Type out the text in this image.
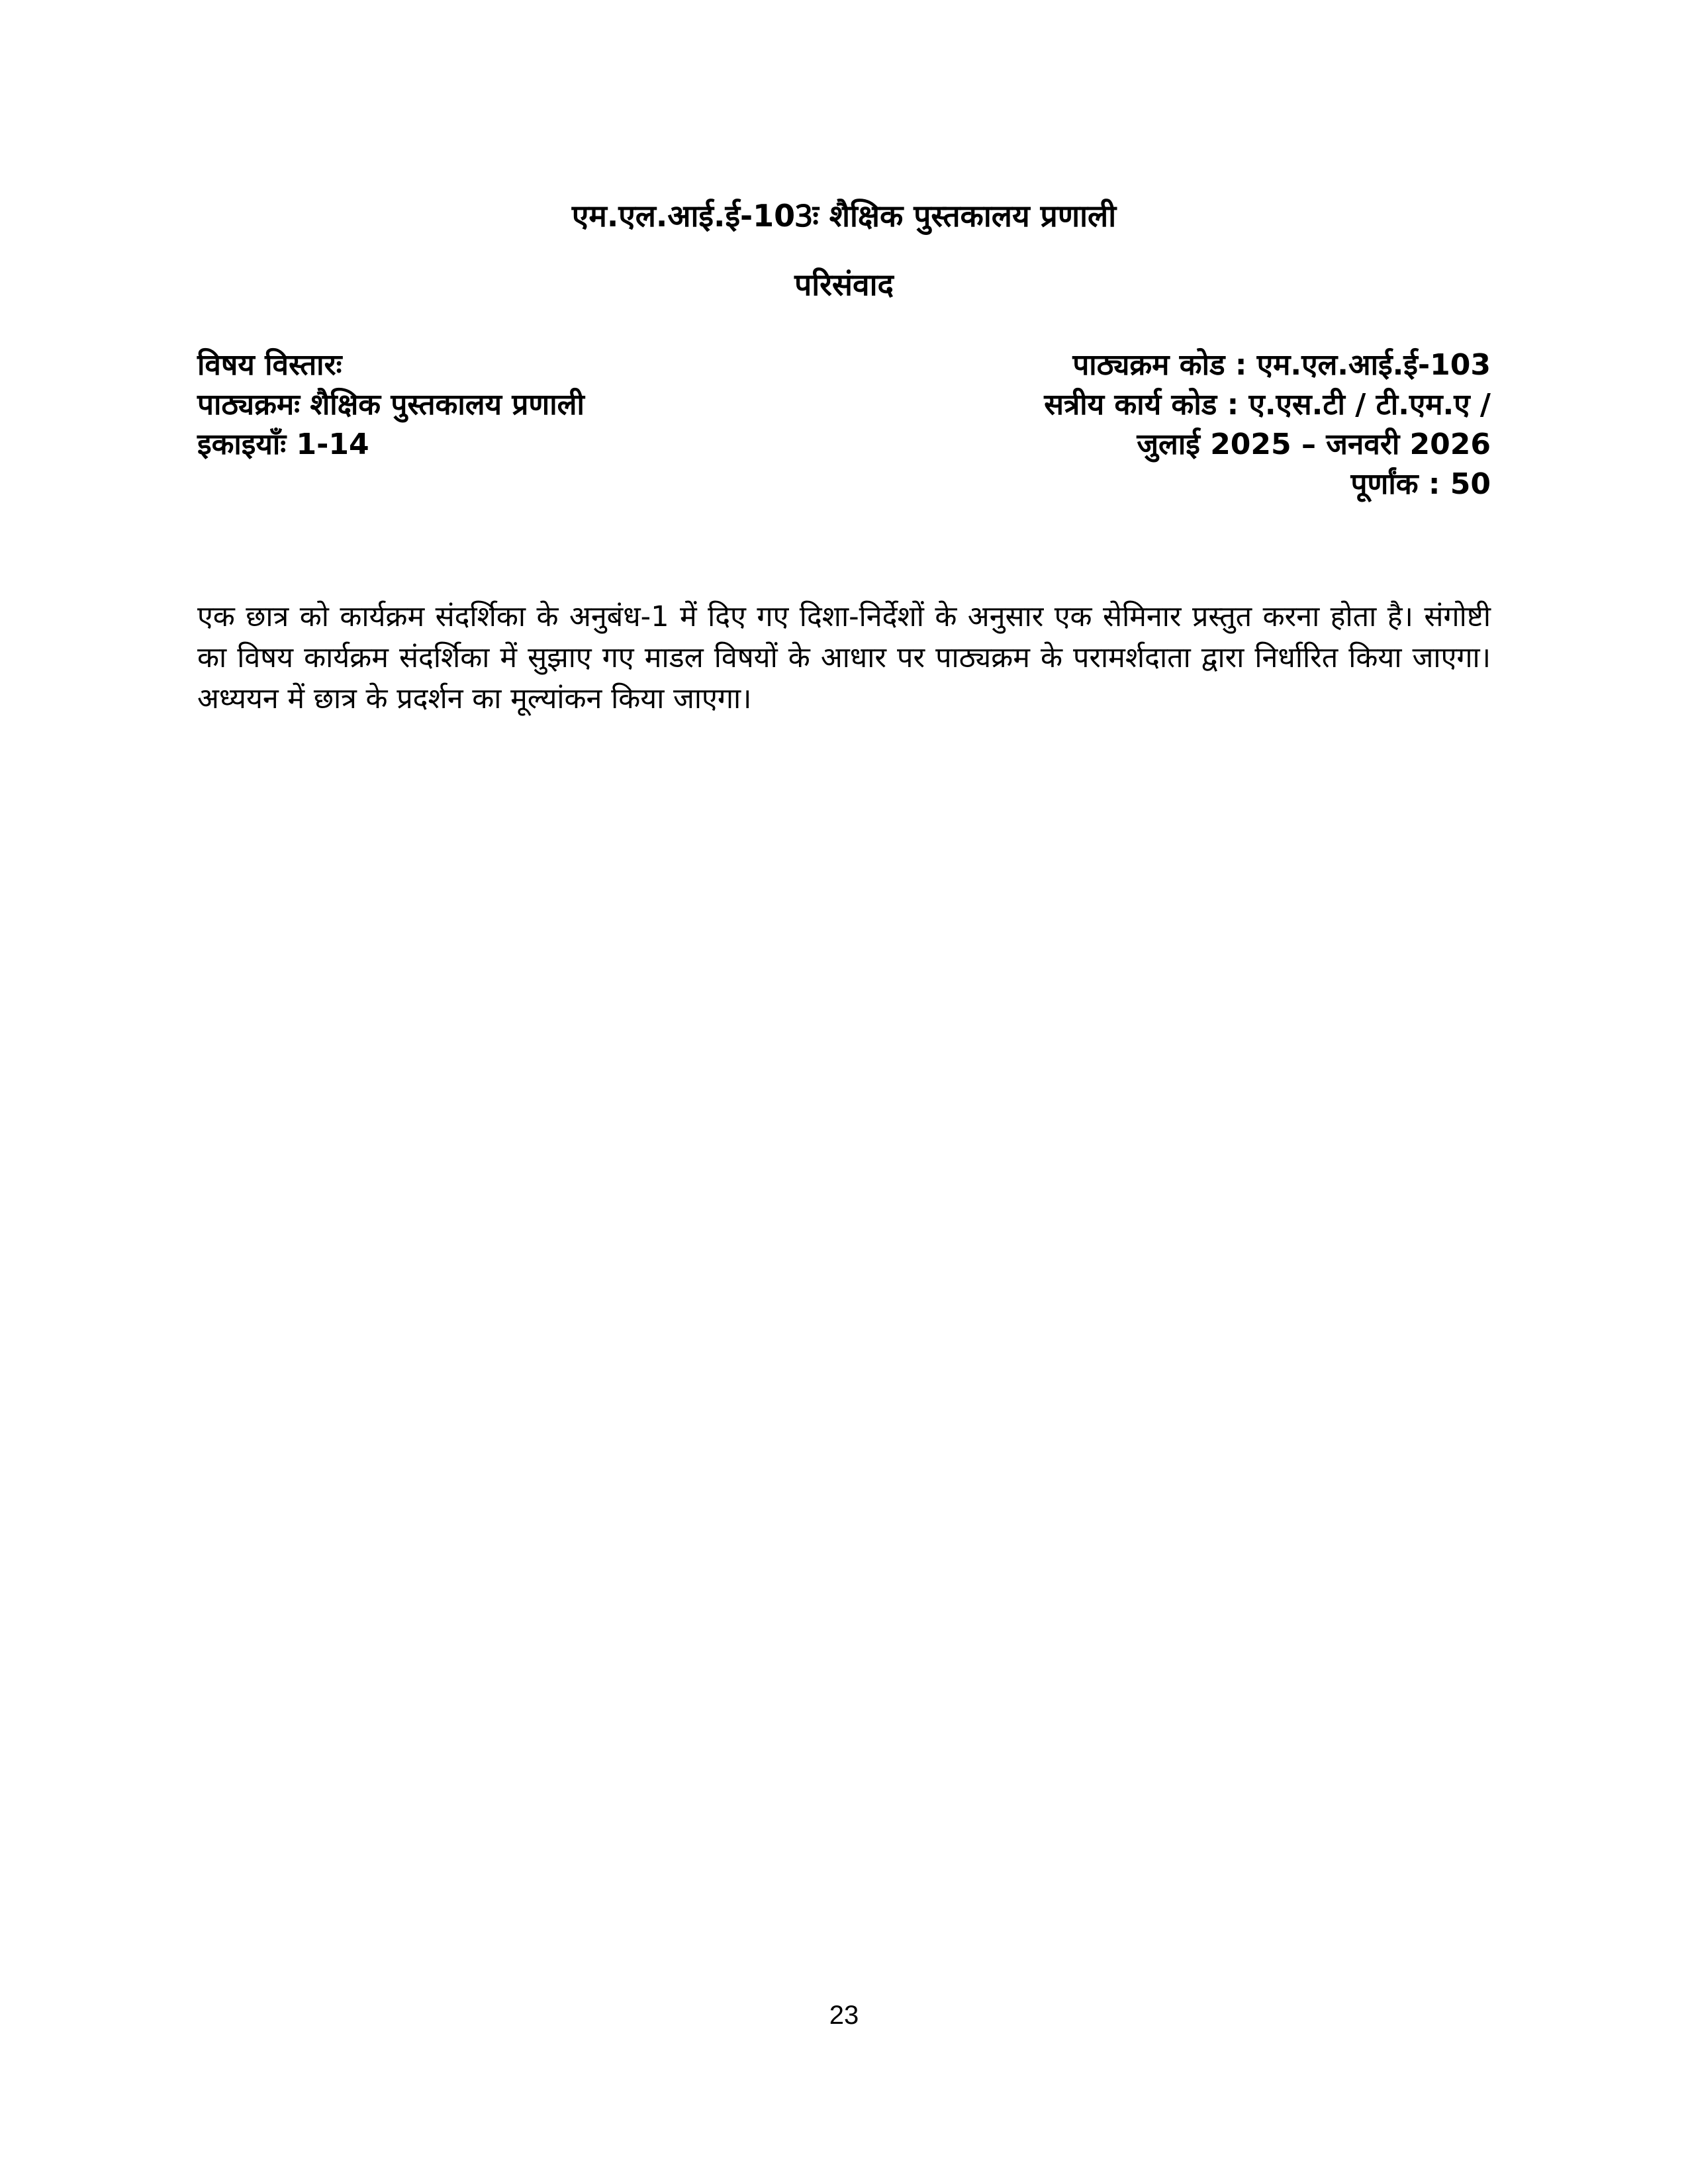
एम.एल.आई.ई-103ः शैक्षिक पुस्तकालय प्रणाली
परिसंवाद
विषय विस्तारः
पाठ्यक्रमः शैक्षिक पुस्तकालय प्रणाली
इकाइयाँः 1-14
पाठ्यक्रम कोड : एम.एल.आई.ई-103
सत्रीय कार्य कोड : ए.एस.टी / टी.एम.ए /
जुलाई 2025 – जनवरी 2026
पूर्णांक : 50

एक छात्र को कार्यक्रम संदर्शिका के अनुबंध-1 में दिए गए दिशा-निर्देशों के अनुसार एक सेमिनार प्रस्तुत करना होता है। संगोष्टी का विषय कार्यक्रम संदर्शिका में सुझाए गए माडल विषयों के आधार पर पाठ्यक्रम के परामर्शदाता द्वारा निर्धारित किया जाएगा। अध्ययन में छात्र के प्रदर्शन का मूल्यांकन किया जाएगा।

23
